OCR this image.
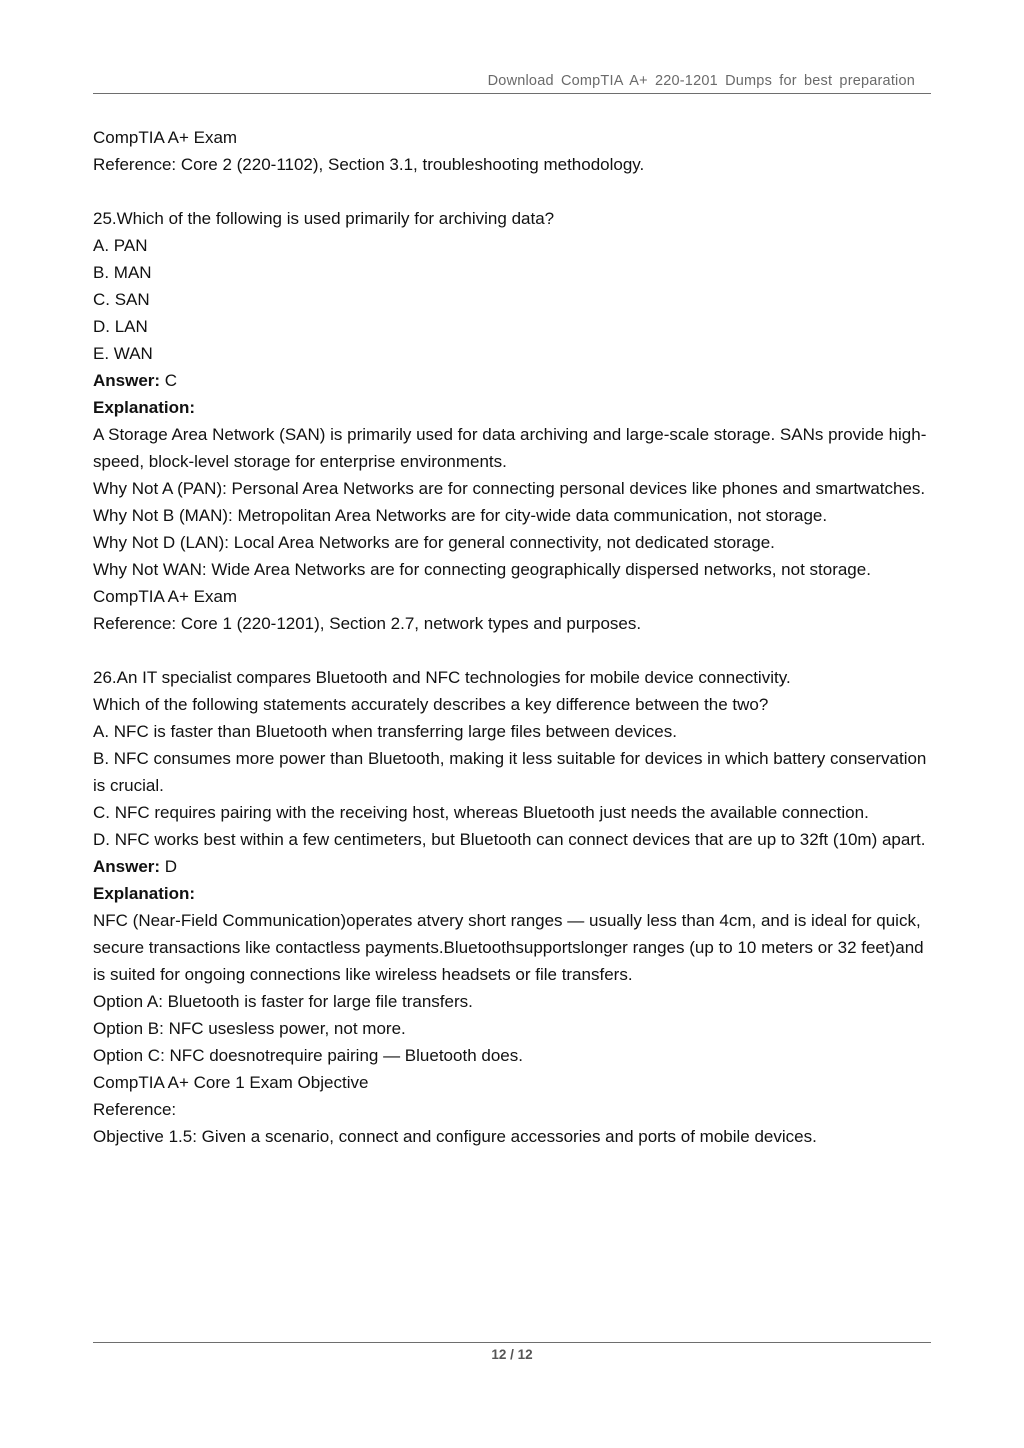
Download CompTIA A+ 220-1201 Dumps for best preparation

CompTIA A+ Exam

Reference: Core 2 (220-1102), Section 3.1, troubleshooting methodology.

25.Which of the following is used primarily for archiving data?

A. PAN

B. MAN

C. SAN

D. LAN

E. WAN

Answer: C

Explanation:

A Storage Area Network (SAN) is primarily used for data archiving and large-scale storage. SANs provide high-speed, block-level storage for enterprise environments.

Why Not A (PAN): Personal Area Networks are for connecting personal devices like phones and smartwatches.

Why Not B (MAN): Metropolitan Area Networks are for city-wide data communication, not storage.

Why Not D (LAN): Local Area Networks are for general connectivity, not dedicated storage.

Why Not WAN: Wide Area Networks are for connecting geographically dispersed networks, not storage.

CompTIA A+ Exam

Reference: Core 1 (220-1201), Section 2.7, network types and purposes.

26.An IT specialist compares Bluetooth and NFC technologies for mobile device connectivity.

Which of the following statements accurately describes a key difference between the two?

A. NFC is faster than Bluetooth when transferring large files between devices.

B. NFC consumes more power than Bluetooth, making it less suitable for devices in which battery conservation is crucial.

C. NFC requires pairing with the receiving host, whereas Bluetooth just needs the available connection.

D. NFC works best within a few centimeters, but Bluetooth can connect devices that are up to 32ft (10m) apart.

Answer: D

Explanation:

NFC (Near-Field Communication)operates atvery short ranges — usually less than 4cm, and is ideal for quick, secure transactions like contactless payments.Bluetoothsupportslonger ranges (up to 10 meters or 32 feet)and is suited for ongoing connections like wireless headsets or file transfers.

Option A: Bluetooth is faster for large file transfers.

Option B: NFC usesless power, not more.

Option C: NFC doesnotrequire pairing — Bluetooth does.

CompTIA A+ Core 1 Exam Objective

Reference:

Objective 1.5: Given a scenario, connect and configure accessories and ports of mobile devices.

12 / 12
